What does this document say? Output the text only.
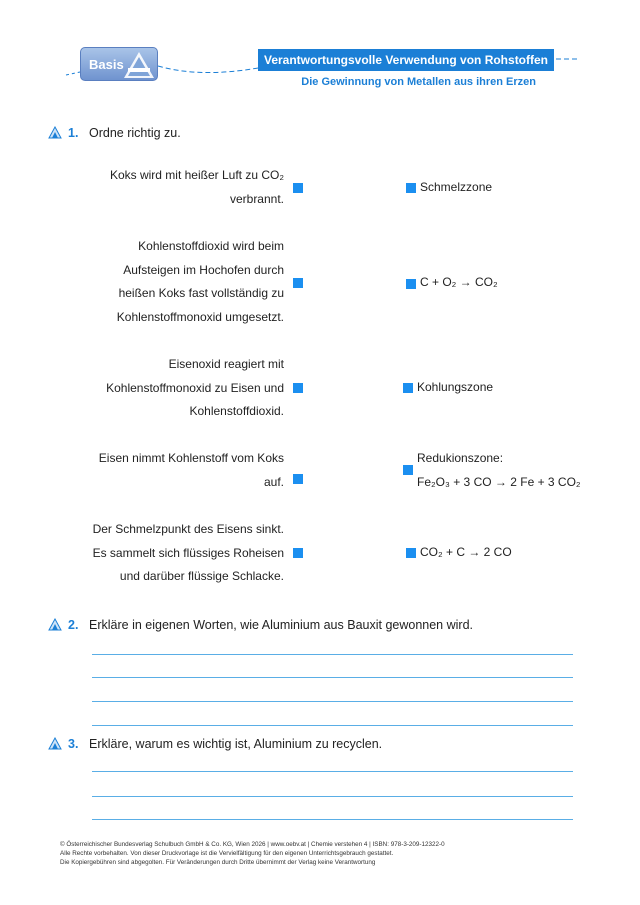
Basis	Verantwortungsvolle Verwendung von Rohstoffen
Die Gewinnung von Metallen aus ihren Erzen
1. Ordne richtig zu.
Koks wird mit heißer Luft zu CO₂
verbrannt.
Kohlenstoffdioxid wird beim
Aufsteigen im Hochofen durch
heißen Koks fast vollständig zu
Kohlenstoffmonoxid umgesetzt.
Eisenoxid reagiert mit
Kohlenstoffmonoxid zu Eisen und
Kohlenstoffdioxid.
Eisen nimmt Kohlenstoff vom Koks
auf.
Der Schmelzpunkt des Eisens sinkt.
Es sammelt sich flüssiges Roheisen
und darüber flüssige Schlacke.
Schmelzzone
C + O₂ → CO₂
Kohlungszone
Redukionszone:
Fe₂O₃ + 3 CO → 2 Fe + 3 CO₂
CO₂ + C → 2 CO
2. Erkläre in eigenen Worten, wie Aluminium aus Bauxit gewonnen wird.
3. Erkläre, warum es wichtig ist, Aluminium zu recyclen.
© Österreichischer Bundesverlag Schulbuch GmbH & Co. KG, Wien 2026 | www.oebv.at | Chemie verstehen 4 | ISBN: 978-3-209-12322-0
Alle Rechte vorbehalten. Von dieser Druckvorlage ist die Vervielfältigung für den eigenen Unterrichtsgebrauch gestattet.
Die Kopiergebühren sind abgegolten. Für Veränderungen durch Dritte übernimmt der Verlag keine Verantwortung
